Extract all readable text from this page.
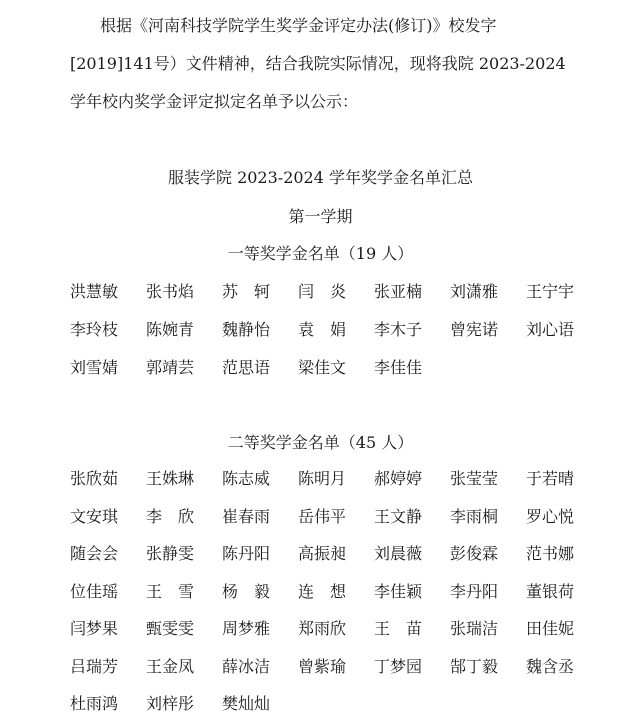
根据《河南科技学院学生奖学金评定办法(修订)》校发字

[2019]141号）文件精神，结合我院实际情况，现将我院 2023-2024

学年校内奖学金评定拟定名单予以公示：

服装学院 2023-2024 学年奖学金名单汇总

第一学期

一等奖学金名单（19 人）

洪慧敏	张书焰	苏　轲	闫　炎	张亚楠	刘潇雅	王宁宇
李玲枝	陈婉青	魏静怡	袁　娟	李木子	曾宪诺	刘心语
刘雪婧	郭靖芸	范思语	梁佳文	李佳佳

二等奖学金名单（45 人）

张欣茹	王姝琳	陈志威	陈明月	郝婷婷	张莹莹	于若晴
文安琪	李　欣	崔春雨	岳伟平	王文静	李雨桐	罗心悦
随会会	张静雯	陈丹阳	高振昶	刘晨薇	彭俊霖	范书娜
位佳瑶	王　雪	杨　毅	连　想	李佳颖	李丹阳	董银荷
闫梦果	甄雯雯	周梦雅	郑雨欣	王　苗	张瑞洁	田佳妮
吕瑞芳	王金凤	薛冰洁	曾紫瑜	丁梦园	郜丁毅	魏含丞
杜雨鸿	刘梓彤	樊灿灿
